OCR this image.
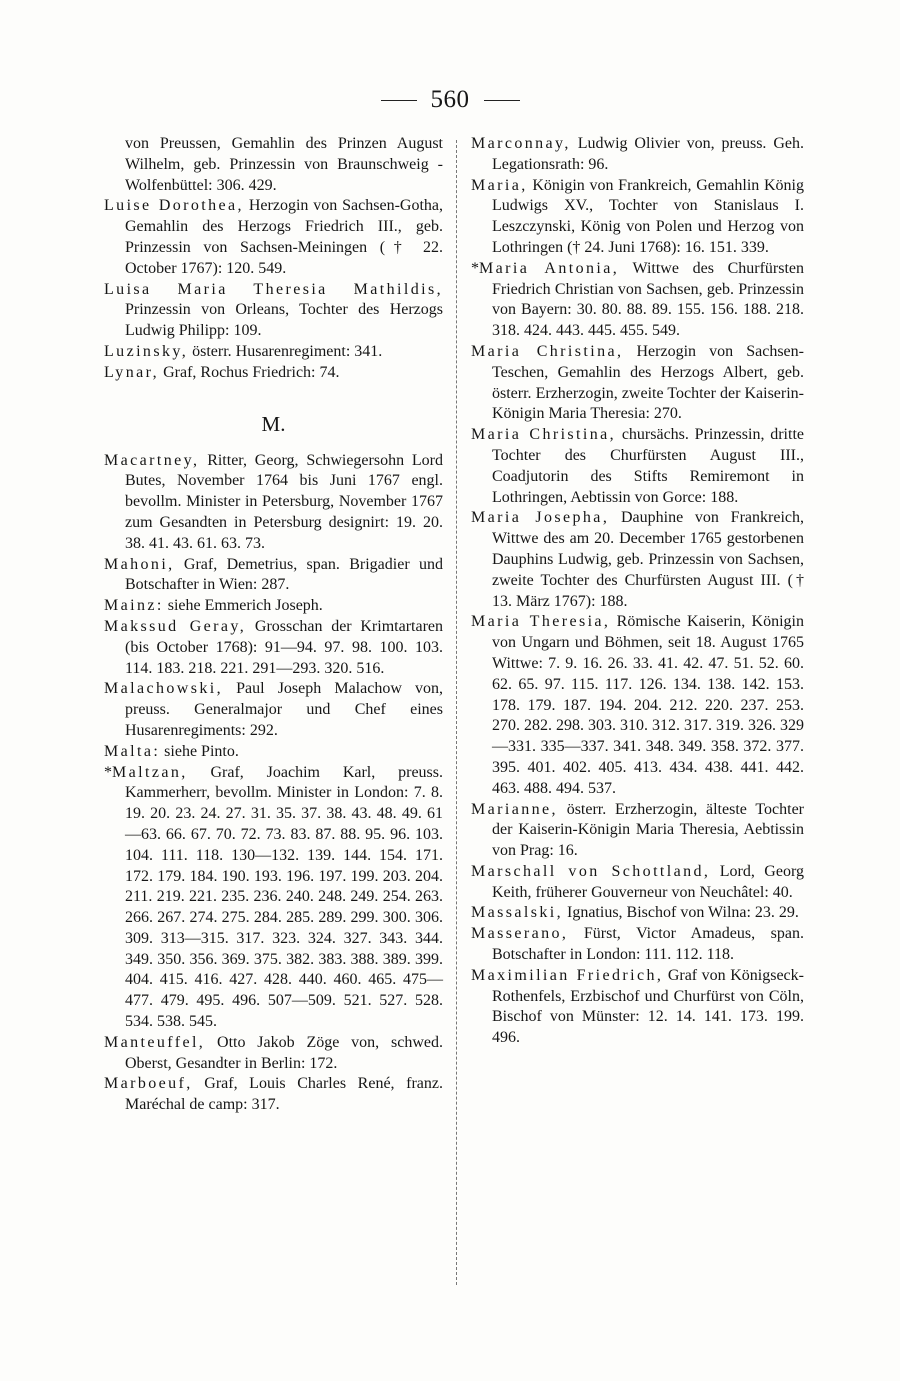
560
von Preussen, Gemahlin des Prinzen August Wilhelm, geb. Prinzessin von Braunschweig - Wolfenbüttel: 306. 429.
Luise Dorothea, Herzogin von Sachsen-Gotha, Gemahlin des Herzogs Friedrich III., geb. Prinzessin von Sachsen-Meiningen († 22. October 1767): 120. 549.
Luisa Maria Theresia Mathildis, Prinzessin von Orleans, Tochter des Herzogs Ludwig Philipp: 109.
Luzinsky, österr. Husarenregiment: 341.
Lynar, Graf, Rochus Friedrich: 74.
M.
Macartney, Ritter, Georg, Schwiegersohn Lord Butes, November 1764 bis Juni 1767 engl. bevollm. Minister in Petersburg, November 1767 zum Gesandten in Petersburg designirt: 19. 20. 38. 41. 43. 61. 63. 73.
Mahoni, Graf, Demetrius, span. Brigadier und Botschafter in Wien: 287.
Mainz: siehe Emmerich Joseph.
Makssud Geray, Grosschan der Krimtartaren (bis October 1768): 91—94. 97. 98. 100. 103. 114. 183. 218. 221. 291—293. 320. 516.
Malachowski, Paul Joseph Malachow von, preuss. Generalmajor und Chef eines Husarenregiments: 292.
Malta: siehe Pinto.
*Maltzan, Graf, Joachim Karl, preuss. Kammerherr, bevollm. Minister in London: 7. 8. 19. 20. 23. 24. 27. 31. 35. 37. 38. 43. 48. 49. 61—63. 66. 67. 70. 72. 73. 83. 87. 88. 95. 96. 103. 104. 111. 118. 130—132. 139. 144. 154. 171. 172. 179. 184. 190. 193. 196. 197. 199. 203. 204. 211. 219. 221. 235. 236. 240. 248. 249. 254. 263. 266. 267. 274. 275. 284. 285. 289. 299. 300. 306. 309. 313—315. 317. 323. 324. 327. 343. 344. 349. 350. 356. 369. 375. 382. 383. 388. 389. 399. 404. 415. 416. 427. 428. 440. 460. 465. 475—477. 479. 495. 496. 507—509. 521. 527. 528. 534. 538. 545.
Manteuffel, Otto Jakob Zöge von, schwed. Oberst, Gesandter in Berlin: 172.
Marboeuf, Graf, Louis Charles René, franz. Maréchal de camp: 317.
Marconnay, Ludwig Olivier von, preuss. Geh. Legationsrath: 96.
Maria, Königin von Frankreich, Gemahlin König Ludwigs XV., Tochter von Stanislaus I. Leszczynski, König von Polen und Herzog von Lothringen († 24. Juni 1768): 16. 151. 339.
*Maria Antonia, Wittwe des Churfürsten Friedrich Christian von Sachsen, geb. Prinzessin von Bayern: 30. 80. 88. 89. 155. 156. 188. 218. 318. 424. 443. 445. 455. 549.
Maria Christina, Herzogin von Sachsen-Teschen, Gemahlin des Herzogs Albert, geb. österr. Erzherzogin, zweite Tochter der Kaiserin-Königin Maria Theresia: 270.
Maria Christina, chursächs. Prinzessin, dritte Tochter des Churfürsten August III., Coadjutorin des Stifts Remiremont in Lothringen, Aebtissin von Gorce: 188.
Maria Josepha, Dauphine von Frankreich, Wittwe des am 20. December 1765 gestorbenen Dauphins Ludwig, geb. Prinzessin von Sachsen, zweite Tochter des Churfürsten August III. († 13. März 1767): 188.
Maria Theresia, Römische Kaiserin, Königin von Ungarn und Böhmen, seit 18. August 1765 Wittwe: 7. 9. 16. 26. 33. 41. 42. 47. 51. 52. 60. 62. 65. 97. 115. 117. 126. 134. 138. 142. 153. 178. 179. 187. 194. 204. 212. 220. 237. 253. 270. 282. 298. 303. 310. 312. 317. 319. 326. 329—331. 335—337. 341. 348. 349. 358. 372. 377. 395. 401. 402. 405. 413. 434. 438. 441. 442. 463. 488. 494. 537.
Marianne, österr. Erzherzogin, älteste Tochter der Kaiserin-Königin Maria Theresia, Aebtissin von Prag: 16.
Marschall von Schottland, Lord, Georg Keith, früherer Gouverneur von Neuchâtel: 40.
Massalski, Ignatius, Bischof von Wilna: 23. 29.
Masserano, Fürst, Victor Amadeus, span. Botschafter in London: 111. 112. 118.
Maximilian Friedrich, Graf von Königseck-Rothenfels, Erzbischof und Churfürst von Cöln, Bischof von Münster: 12. 14. 141. 173. 199. 496.
